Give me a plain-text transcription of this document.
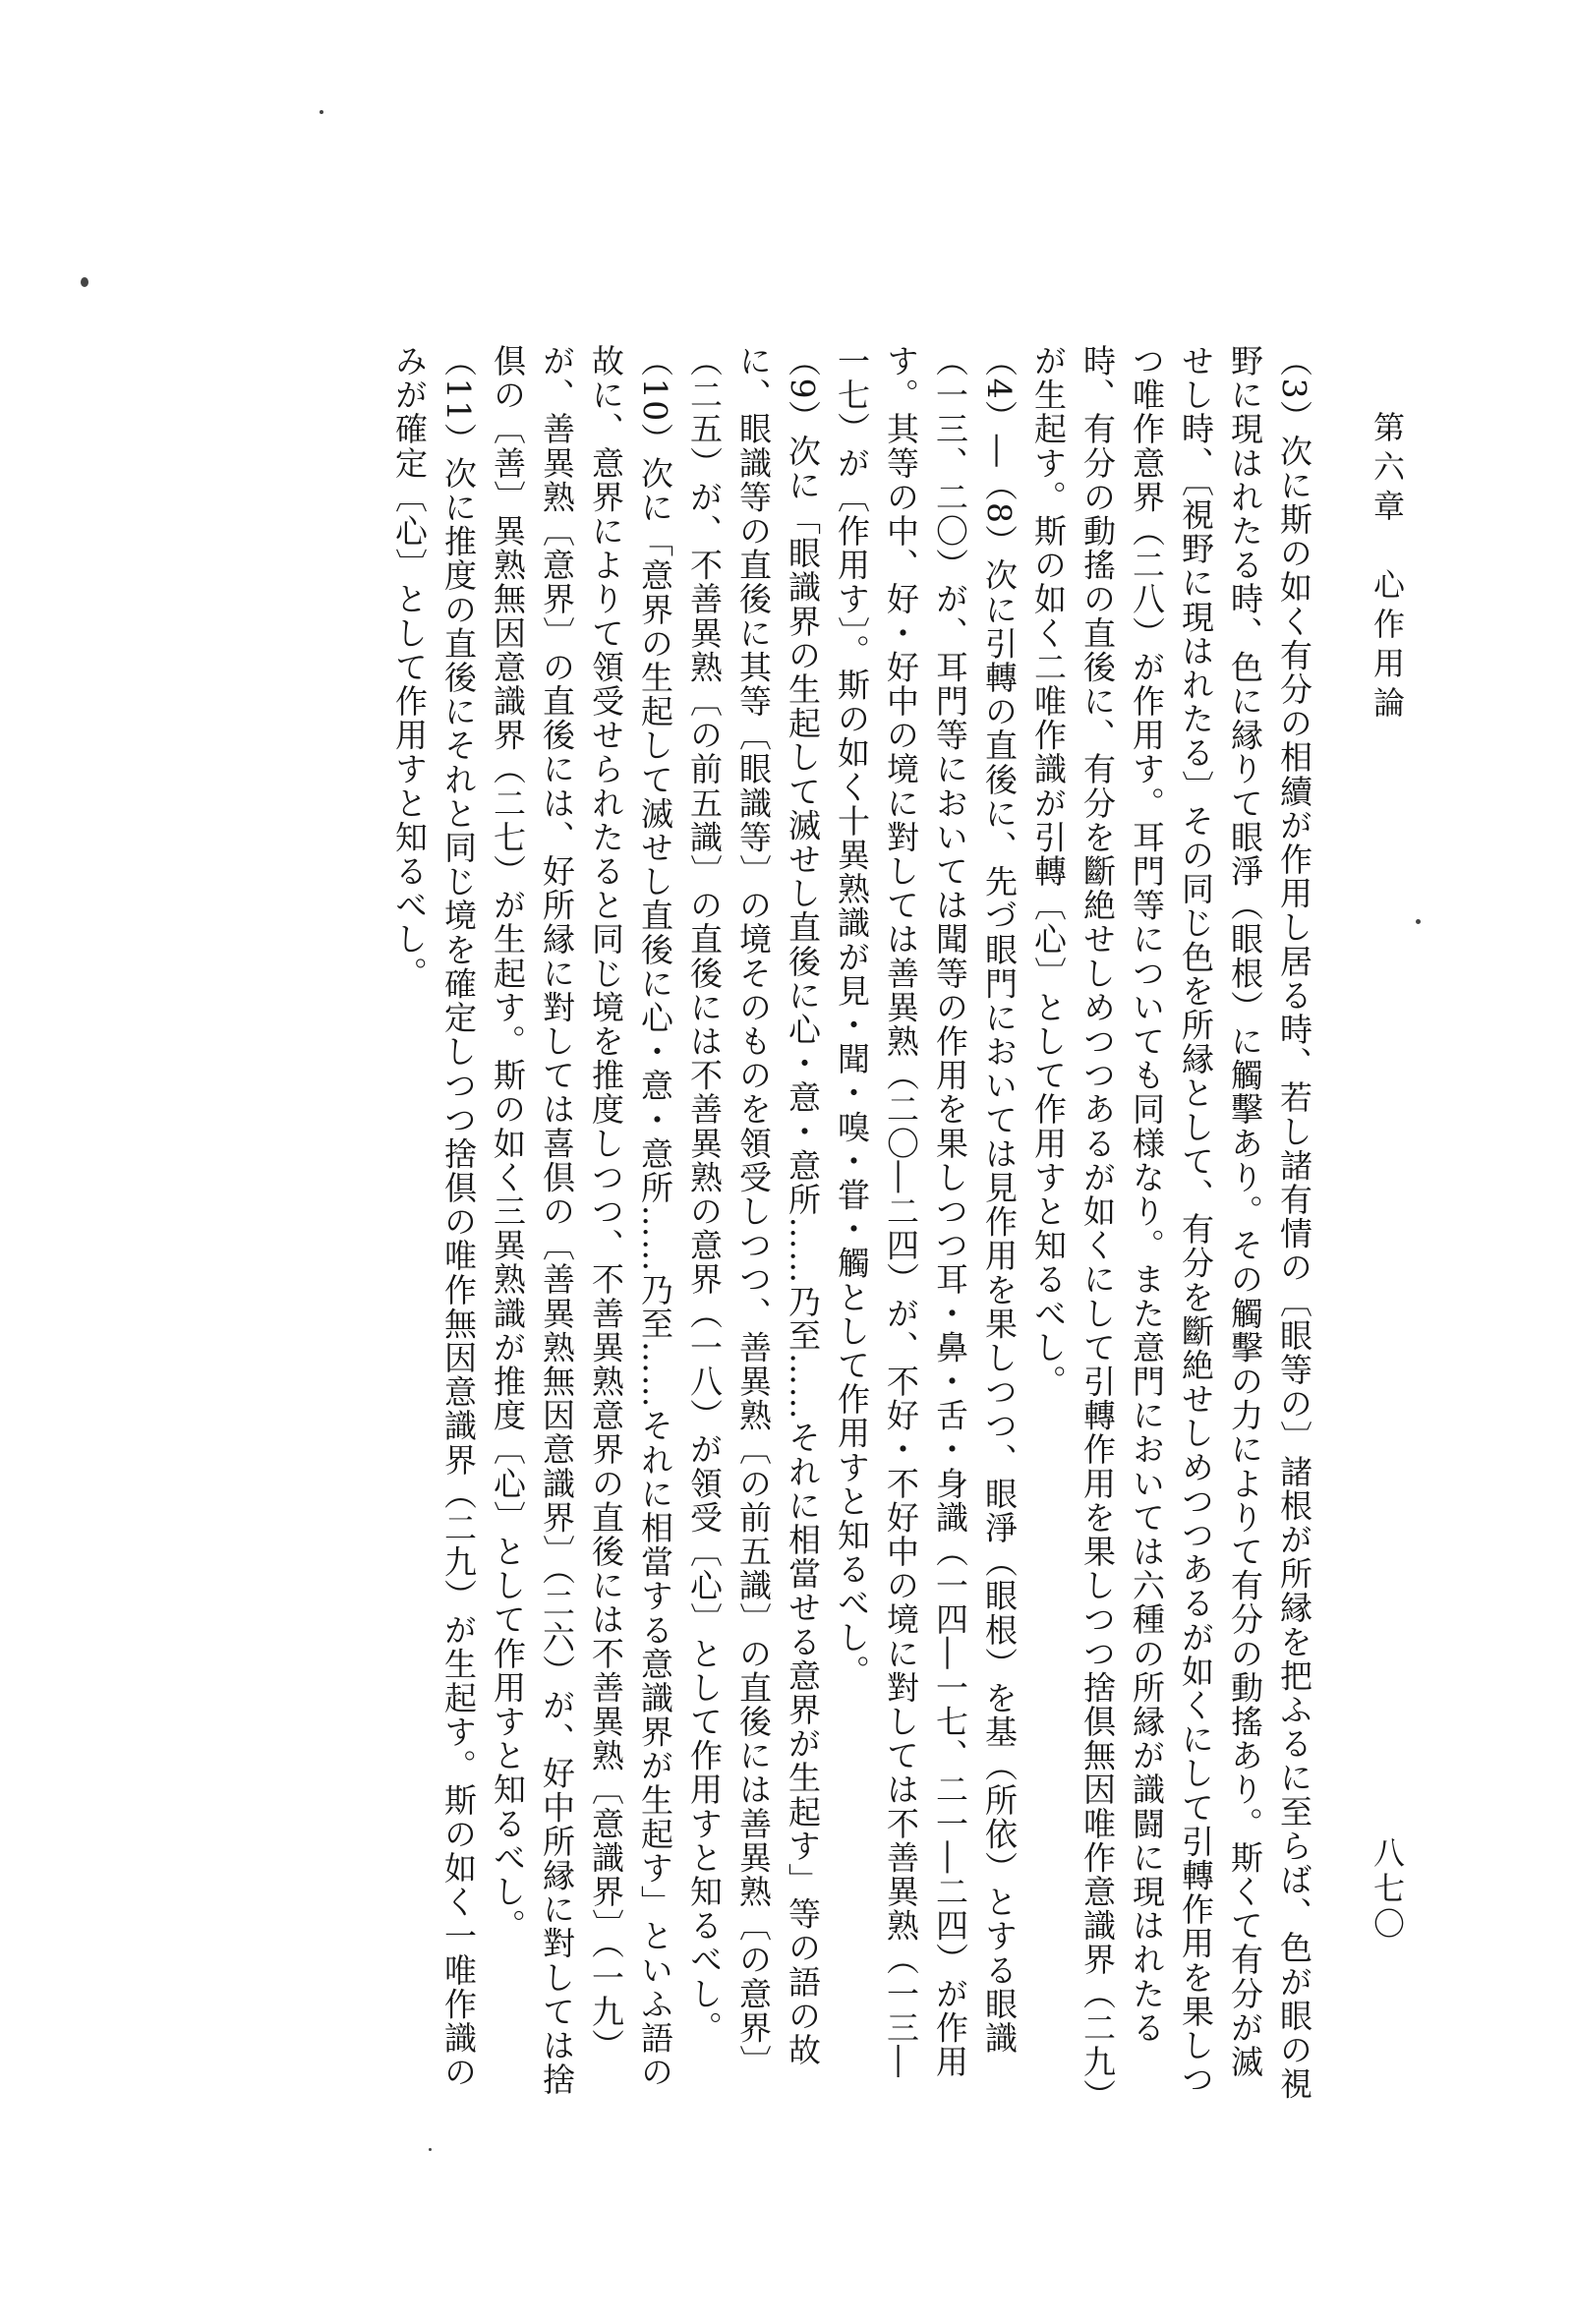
第六章　心作用論
八七〇

（3）次に斯の如く有分の相續が作用し居る時、若し諸有情の〔眼等の〕諸根が所縁を把ふるに至らば、色が眼の視野に現はれたる時、色に縁りて眼淨（眼根）に觸擊あり。その觸擊の力によりて有分の動搖あり。斯くて有分が滅せし時、〔視野に現はれたる〕その同じ色を所縁として、有分を斷絶せしめつつあるが如くにして引轉作用を果しつつ唯作意界（二八）が作用す。耳門等についても同様なり。また意門においては六種の所縁が識闘に現はれたる時、有分の動搖の直後に、有分を斷絶せしめつつあるが如くにして引轉作用を果しつつ捨倶無因唯作意識界（二九）が生起す。斯の如く二唯作識が引轉〔心〕として作用すと知るべし。

（4）―（8）次に引轉の直後に、先づ眼門においては見作用を果しつつ、眼淨（眼根）を基（所依）とする眼識（一三、二〇）が、耳門等においては聞等の作用を果しつつ耳・鼻・舌・身識（一四―一七、二一―二四）が作用す。其等の中、好・好中の境に對しては善異熟（二〇―二四）が、不好・不好中の境に對しては不善異熟（一三―一七）が〔作用す〕。斯の如く十異熟識が見・聞・嗅・甞・觸として作用すと知るべし。

（9）次に「眼識界の生起して滅せし直後に心・意・意所……乃至……それに相當せる意界が生起す」等の語の故に、眼識等の直後に其等〔眼識等〕の境そのものを領受しつつ、善異熟〔の前五識〕の直後には善異熟〔の意界〕（二五）が、不善異熟〔の前五識〕の直後には不善異熟の意界（一八）が領受〔心〕として作用すと知るべし。

（10）次に「意界の生起して滅せし直後に心・意・意所……乃至……それに相當する意識界が生起す」といふ語の故に、意界によりて領受せられたると同じ境を推度しつつ、不善異熟意界の直後には不善異熟〔意識界〕（一九）が、善異熟〔意界〕の直後には、好所縁に對しては喜倶の〔善異熟無因意識界〕（二六）が、好中所縁に對しては捨倶の〔善〕異熟無因意識界（二七）が生起す。斯の如く三異熟識が推度〔心〕として作用すと知るべし。

（11）次に推度の直後にそれと同じ境を確定しつつ捨倶の唯作無因意識界（二九）が生起す。斯の如く一唯作識のみが確定〔心〕として作用すと知るべし。
